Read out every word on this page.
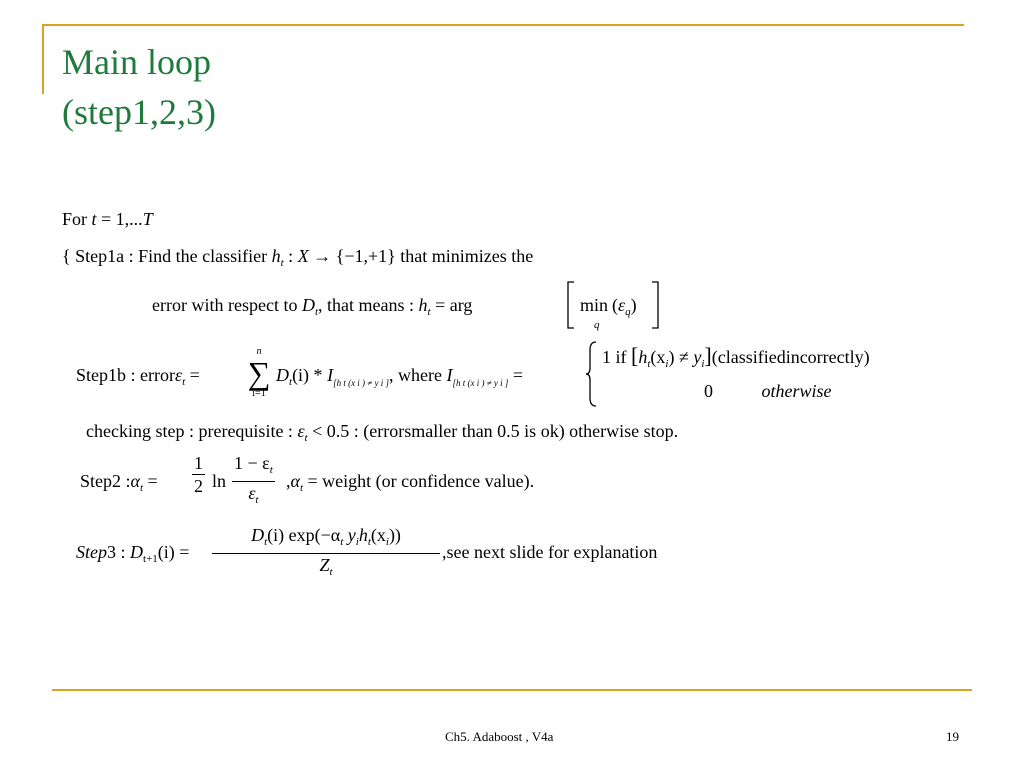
Main loop
(step1,2,3)
For t = 1,...T
{ Step1a : Find the classifier $h_t$ : X → {−1,+1} that minimizes the
error with respect to $D_t$, that means : $h_t$ = arg	min
q
$(\varepsilon_q)$
Step1b : errorε$_t$ =
n
∑
i=1
$D_t(i) * I_{[h t (x i ) \ne y i ]}$, where $I_{[h t (x i ) \ne y i ]}$ =
1 if [$h_t(x_i)$ ≠ $y_i](classifiedincorrectly)$
0	otherwise
checking step : prerequisite : $\varepsilon_t < 0.5$ : (errorsmaller than 0.5 is ok) otherwise stop.
Step2 $:\alpha_t = \frac{1}{2}$ $\ln \frac{1 - \varepsilon_t}{\varepsilon_t} ,\alpha_t$ = weight (or confidence value).
Step3 : $D_{t+1}(i) = \frac{D_t(i) \exp(-\alpha_t y_ih_t(x_i))}{Z_t} ,see$ next slide for explanation
Ch5. Adaboost , V4a	19
